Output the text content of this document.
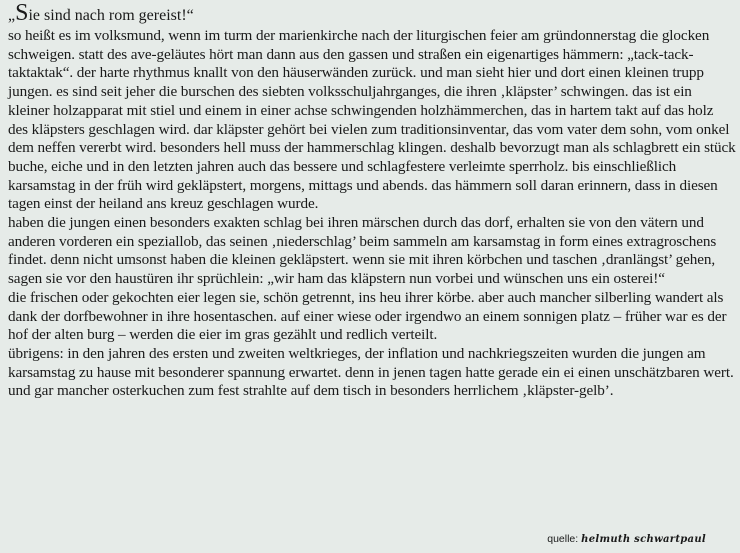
„Sie sind nach rom gereist!“

so heißt es im volksmund, wenn im turm der marienkirche nach der liturgischen feier am gründonnerstag die glocken schweigen. statt des ave-geläutes hört man dann aus den gassen und straßen ein eigenartiges hämmern: „tack-tack-taktaktak“. der harte rhythmus knallt von den häuserwänden zurück. und man sieht hier und dort einen kleinen trupp jungen. es sind seit jeher die burschen des siebten volksschuljahrganges, die ihren ‚kläpster’ schwingen. das ist ein kleiner holzapparat mit stiel und einem in einer achse schwingenden holzhämmerchen, das in hartem takt auf das holz des kläpsters geschlagen wird. dar kläpster gehört bei vielen zum traditionsinventar, das vom vater dem sohn, vom onkel dem neffen vererbt wird. besonders hell muss der hammerschlag klingen. deshalb bevorzugt man als schlagbrett ein stück buche, eiche und in den letzten jahren auch das bessere und schlagfestere verleimte sperrholz. bis einschließlich karsamstag in der früh wird gekläpstert, morgens, mittags und abends. das hämmern soll daran erinnern, dass in diesen tagen einst der heiland ans kreuz geschlagen wurde.

haben die jungen einen besonders exakten schlag bei ihren märschen durch das dorf, erhalten sie von den vätern und anderen vorderen ein speziallob, das seinen ‚niederschlag’ beim sammeln am karsamstag in form eines extragroschens findet. denn nicht umsonst haben die kleinen gekläpstert. wenn sie mit ihren körbchen und taschen ‚dranlängst’ gehen, sagen sie vor den haustüren ihr sprüchlein: „wir ham das kläpstern nun vorbei und wünschen uns ein osterei!“

die frischen oder gekochten eier legen sie, schön getrennt, ins heu ihrer körbe. aber auch mancher silberling wandert als dank der dorfbewohner in ihre hosentaschen. auf einer wiese oder irgendwo an einem sonnigen platz – früher war es der hof der alten burg – werden die eier im gras gezählt und redlich verteilt.

übrigens: in den jahren des ersten und zweiten weltkrieges, der inflation und nachkriegszeiten wurden die jungen am karsamstag zu hause mit besonderer spannung erwartet. denn in jenen tagen hatte gerade ein ei einen unschätzbaren wert. und gar mancher osterkuchen zum fest strahlte auf dem tisch in besonders herrlichem ‚kläpster-gelb’.

quelle: helmuth schwartpaul
